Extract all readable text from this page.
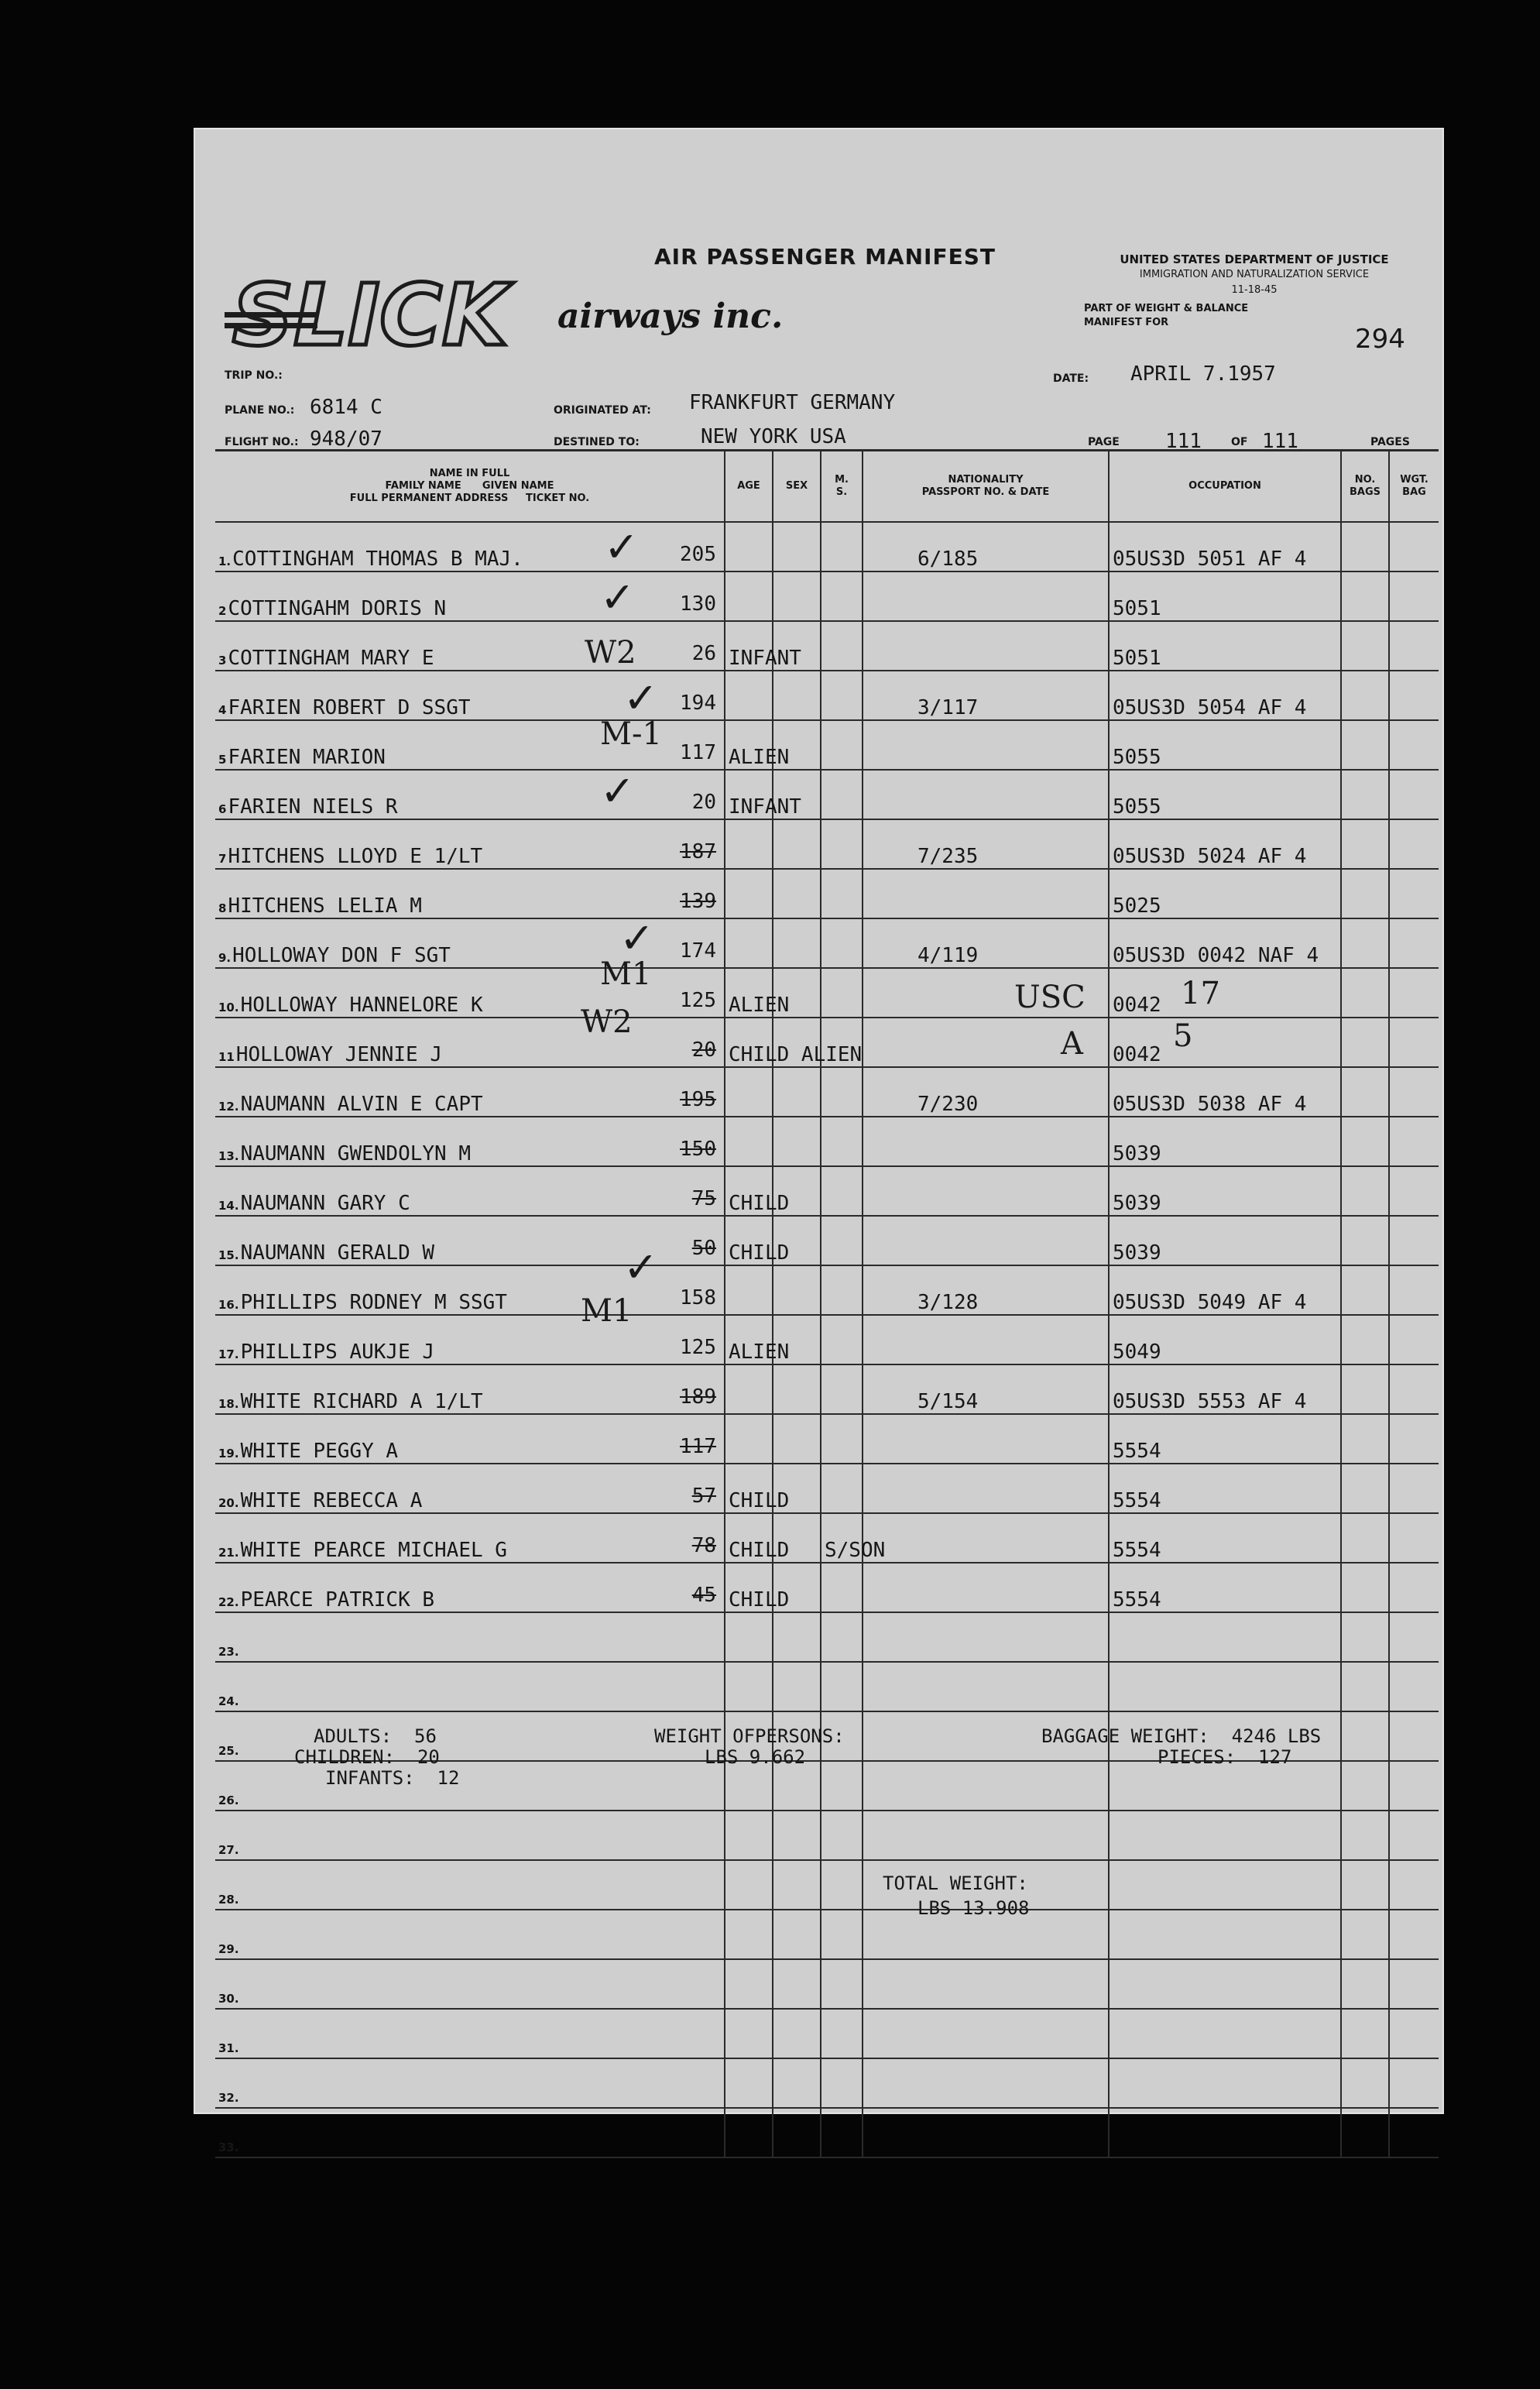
AIR PASSENGER MANIFEST
SLICK airways inc.
UNITED STATES DEPARTMENT OF JUSTICE
IMMIGRATION AND NATURALIZATION SERVICE
11-18-45
PART OF WEIGHT & BALANCE
MANIFEST FOR
294
TRIP NO.:
PLANE NO.: 6814 C
FLIGHT NO.: 948/07
ORIGINATED AT: FRANKFURT GERMANY
DESTINED TO:	NEW YORK USA
DATE: APRIL 7.1957
PAGE 111	OF 111	PAGES
NAME IN FULL
FAMILY NAME      GIVEN NAME
FULL PERMANENT ADDRESS     TICKET NO.	AGE	SEX	M.
S.	NATIONALITY
PASSPORT NO. & DATE	OCCUPATION	NO.
BAGS	WGT.
BAG
1.COTTINGHAM THOMAS B MAJ. 205				6/185	05US3D 5051 AF 4		
2COTTINGAHM DORIS N 130					5051		
3COTTINGHAM MARY E 26	INFANT				5051		
4FARIEN ROBERT D SSGT 194				3/117	05US3D 5054 AF 4		
5FARIEN MARION 117	ALIEN				5055		
6FARIEN NIELS R 20	INFANT				5055		
7HITCHENS LLOYD E 1/LT 187				7/235	05US3D 5024 AF 4		
8HITCHENS LELIA M 139					5025		
9.HOLLOWAY DON F SGT 174				4/119	05US3D 0042 NAF 4		
10.HOLLOWAY HANNELORE K 125	ALIEN				0042		
11HOLLOWAY JENNIE J 20	CHILD ALIEN				0042		
12.NAUMANN ALVIN E CAPT 195				7/230	05US3D 5038 AF 4		
13.NAUMANN GWENDOLYN M 150					5039		
14.NAUMANN GARY C 75	CHILD				5039		
15.NAUMANN GERALD W 50	CHILD				5039		
16.PHILLIPS RODNEY M SSGT 158				3/128	05US3D 5049 AF 4		
17.PHILLIPS AUKJE J 125	ALIEN				5049		
18.WHITE RICHARD A 1/LT 189				5/154	05US3D 5553 AF 4		
19.WHITE PEGGY A 117					5554		
20.WHITE REBECCA A 57	CHILD				5554		
21.WHITE PEARCE MICHAEL G 78	CHILD		S/SON		5554		
22.PEARCE PATRICK B 45	CHILD				5554		
23.

24.

25.

26.

27.

28.

29.

30.

31.

32.

33.

ADULTS:  56
CHILDREN:  20
INFANTS:  12
WEIGHT OFPERSONS:
LBS 9.662
BAGGAGE WEIGHT:  4246 LBS
PIECES:  127
TOTAL WEIGHT:
LBS 13.908
✓
✓
W2
✓
M-1
✓
✓
M1
W2
USC	17
A	5
✓
M1
